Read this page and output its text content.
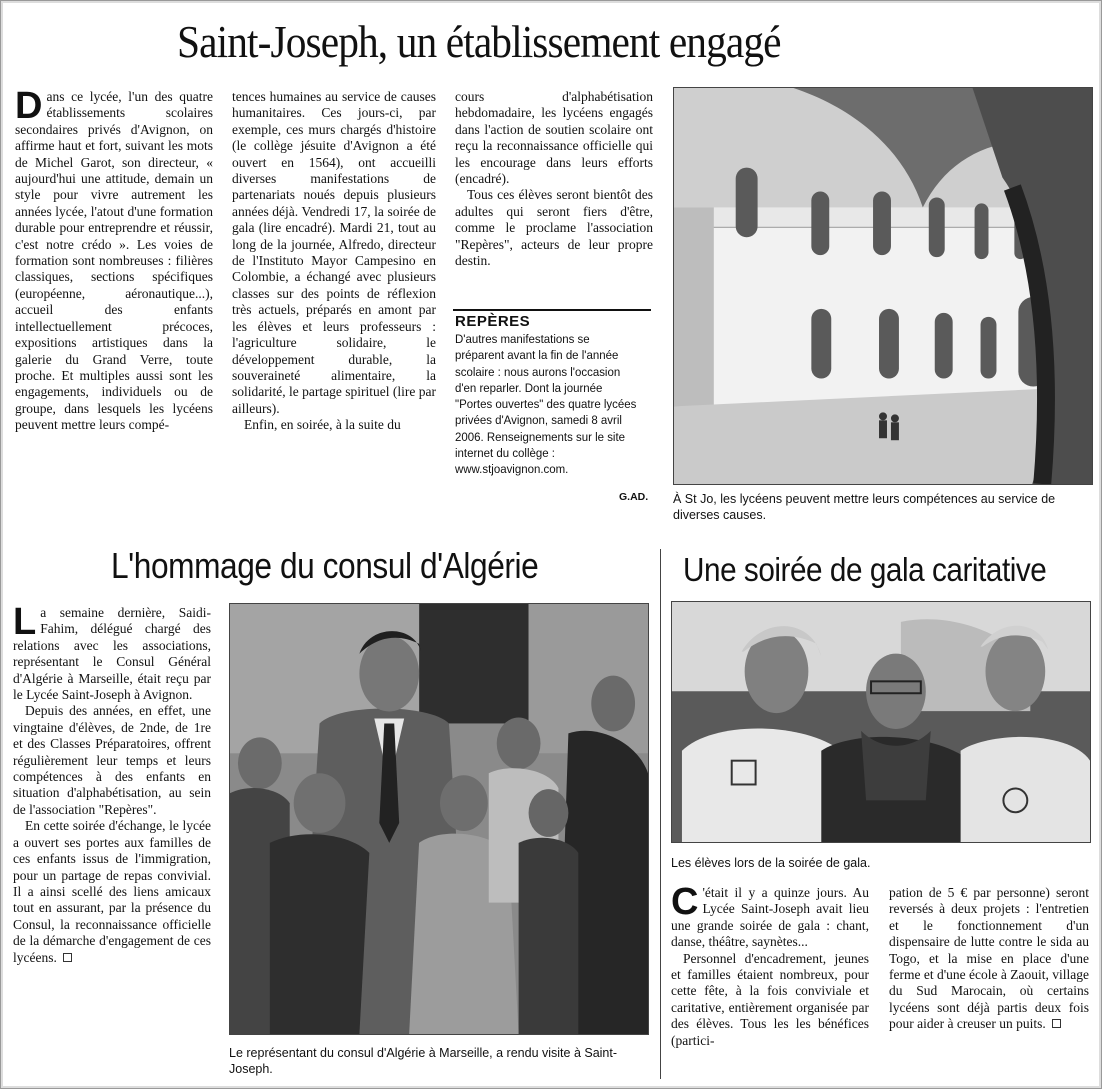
Saint-Joseph, un établissement engagé

Dans ce lycée, l'un des quatre établissements scolaires secondaires privés d'Avignon, on affirme haut et fort, suivant les mots de Michel Garot, son directeur, « aujourd'hui une attitude, demain un style pour vivre autrement les années lycée, l'atout d'une formation durable pour entreprendre et réussir, c'est notre crédo ». Les voies de formation sont nombreuses : filières classiques, sections spécifiques (européenne, aéronautique...), accueil des enfants intellectuellement précoces, expositions artistiques dans la galerie du Grand Verre, toute proche. Et multiples aussi sont les engagements, individuels ou de groupe, dans lesquels les lycéens peuvent mettre leurs compé-

tences humaines au service de causes humanitaires. Ces jours-ci, par exemple, ces murs chargés d'histoire (le collège jésuite d'Avignon a été ouvert en 1564), ont accueilli diverses manifestations de partenariats noués depuis plusieurs années déjà. Vendredi 17, la soirée de gala (lire encadré). Mardi 21, tout au long de la journée, Alfredo, directeur de l'Instituto Mayor Campesino en Colombie, a échangé avec plusieurs classes sur des points de réflexion très actuels, préparés en amont par les élèves et leurs professeurs : l'agriculture solidaire, le développement durable, la souveraineté alimentaire, la solidarité, le partage spirituel (lire par ailleurs).

Enfin, en soirée, à la suite du

cours d'alphabétisation hebdomadaire, les lycéens engagés dans l'action de soutien scolaire ont reçu la reconnaissance officielle qui les encourage dans leurs efforts (encadré).

Tous ces élèves seront bientôt des adultes qui seront fiers d'être, comme le proclame l'association "Repères", acteurs de leur propre destin.

REPÈRES
D'autres manifestations se préparent avant la fin de l'année scolaire : nous aurons l'occasion d'en reparler. Dont la journée "Portes ouvertes" des quatre lycées privées d'Avignon, samedi 8 avril 2006. Renseignements sur le site internet du collège : www.stjoavignon.com.
G.AD. À St Jo, les lycéens peuvent mettre leurs compétences au service de diverses causes.
L'hommage du consul d'Algérie

La semaine dernière, Saidi-Fahim, délégué chargé des relations avec les associations, représentant le Consul Général d'Algérie à Marseille, était reçu par le Lycée Saint-Joseph à Avignon.

Depuis des années, en effet, une vingtaine d'élèves, de 2nde, de 1re et des Classes Préparatoires, offrent régulièrement leur temps et leurs compétences à des enfants en situation d'alphabétisation, au sein de l'association "Repères".

En cette soirée d'échange, le lycée a ouvert ses portes aux familles de ces enfants issus de l'immigration, pour un partage de repas convivial. Il a ainsi scellé des liens amicaux tout en assurant, par la présence du Consul, la reconnaissance officielle de la démarche d'engagement de ces lycéens.

Le représentant du consul d'Algérie à Marseille, a rendu visite à Saint-Joseph.
Une soirée de gala caritative
Les élèves lors de la soirée de gala.

C 'était il y a quinze jours. Au Lycée Saint-Joseph avait lieu une grande soirée de gala : chant, danse, théâtre, saynètes...

Personnel d'encadrement, jeunes et familles étaient nombreux, pour cette fête, à la fois conviviale et caritative, entièrement organisée par des élèves. Tous les les bénéfices (partici-

pation de 5 € par personne) seront reversés à deux projets : l'entretien et le fonctionnement d'un dispensaire de lutte contre le sida au Togo, et la mise en place d'une ferme et d'une école à Zaouit, village du Sud Marocain, où certains lycéens sont déjà partis deux fois pour aider à creuser un puits.
